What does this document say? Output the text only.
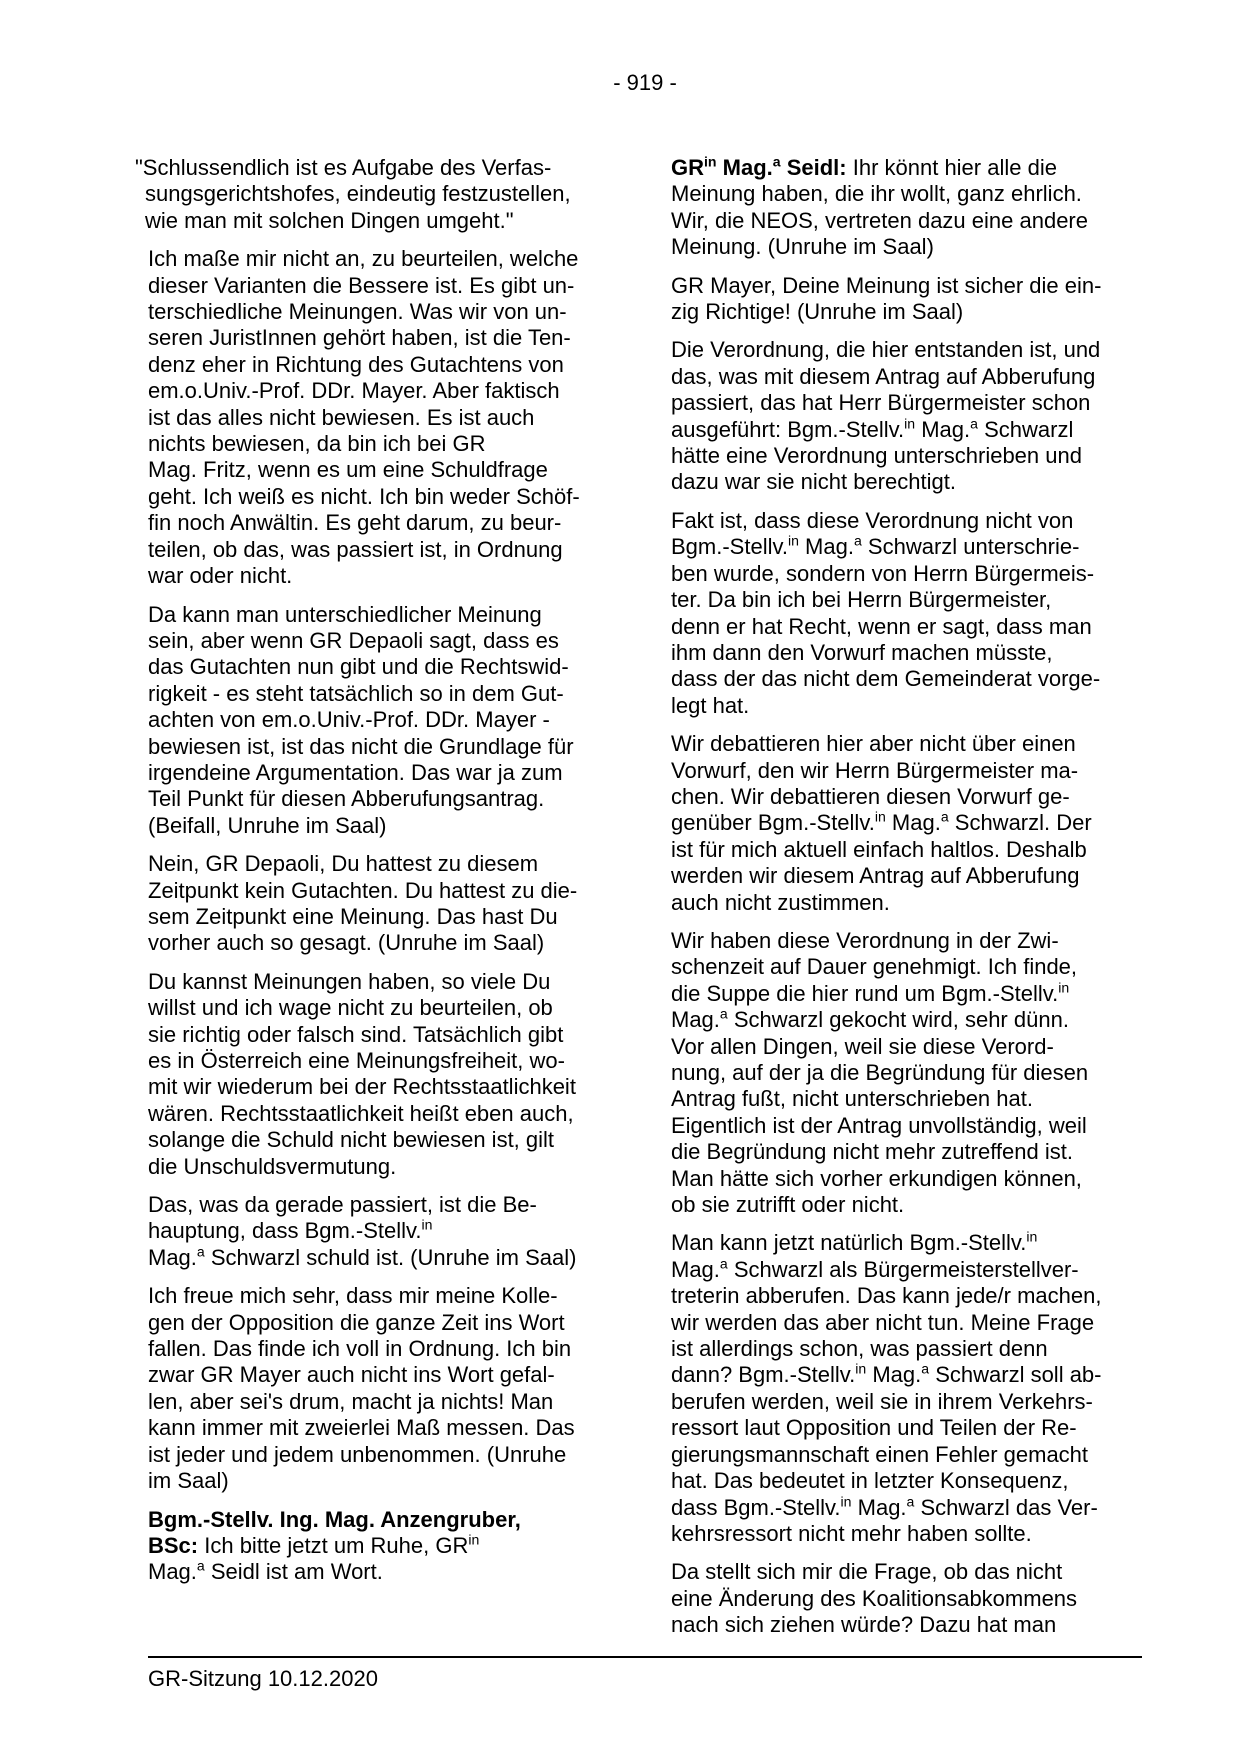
- 919 -

"Schlussendlich ist es Aufgabe des Verfas-
sungsgerichtshofes, eindeutig festzustellen,
wie man mit solchen Dingen umgeht."

Ich maße mir nicht an, zu beurteilen, welche
dieser Varianten die Bessere ist. Es gibt un-
terschiedliche Meinungen. Was wir von un-
seren JuristInnen gehört haben, ist die Ten-
denz eher in Richtung des Gutachtens von
em.o.Univ.-Prof. DDr. Mayer. Aber faktisch
ist das alles nicht bewiesen. Es ist auch
nichts bewiesen, da bin ich bei GR
Mag. Fritz, wenn es um eine Schuldfrage
geht. Ich weiß es nicht. Ich bin weder Schöf-
fin noch Anwältin. Es geht darum, zu beur-
teilen, ob das, was passiert ist, in Ordnung
war oder nicht.

Da kann man unterschiedlicher Meinung
sein, aber wenn GR Depaoli sagt, dass es
das Gutachten nun gibt und die Rechtswid-
rigkeit - es steht tatsächlich so in dem Gut-
achten von em.o.Univ.-Prof. DDr. Mayer -
bewiesen ist, ist das nicht die Grundlage für
irgendeine Argumentation. Das war ja zum
Teil Punkt für diesen Abberufungsantrag.
(Beifall, Unruhe im Saal)

Nein, GR Depaoli, Du hattest zu diesem
Zeitpunkt kein Gutachten. Du hattest zu die-
sem Zeitpunkt eine Meinung. Das hast Du
vorher auch so gesagt. (Unruhe im Saal)

Du kannst Meinungen haben, so viele Du
willst und ich wage nicht zu beurteilen, ob
sie richtig oder falsch sind. Tatsächlich gibt
es in Österreich eine Meinungsfreiheit, wo-
mit wir wiederum bei der Rechtsstaatlichkeit
wären. Rechtsstaatlichkeit heißt eben auch,
solange die Schuld nicht bewiesen ist, gilt
die Unschuldsvermutung.

Das, was da gerade passiert, ist die Be-
hauptung, dass Bgm.-Stellv.$^{in}$
Mag.$^a$ Schwarzl schuld ist. (Unruhe im Saal)

Ich freue mich sehr, dass mir meine Kolle-
gen der Opposition die ganze Zeit ins Wort
fallen. Das finde ich voll in Ordnung. Ich bin
zwar GR Mayer auch nicht ins Wort gefal-
len, aber sei's drum, macht ja nichts! Man
kann immer mit zweierlei Maß messen. Das
ist jeder und jedem unbenommen. (Unruhe
im Saal)

Bgm.-Stellv. Ing. Mag. Anzengruber,
BSc: Ich bitte jetzt um Ruhe, $GR^{in}$
Mag.$^a$ Seidl ist am Wort.

$GR^{in}$ Mag.$^a$ Seidl: Ihr könnt hier alle die
Meinung haben, die ihr wollt, ganz ehrlich.
Wir, die NEOS, vertreten dazu eine andere
Meinung. (Unruhe im Saal)

GR Mayer, Deine Meinung ist sicher die ein-
zig Richtige! (Unruhe im Saal)

Die Verordnung, die hier entstanden ist, und
das, was mit diesem Antrag auf Abberufung
passiert, das hat Herr Bürgermeister schon
ausgeführt: Bgm.-Stellv.$^{in}$ Mag.$^a$ Schwarzl
hätte eine Verordnung unterschrieben und
dazu war sie nicht berechtigt.

Fakt ist, dass diese Verordnung nicht von
Bgm.-Stellv.$^{in}$ Mag.$^a$ Schwarzl unterschrie-
ben wurde, sondern von Herrn Bürgermeis-
ter. Da bin ich bei Herrn Bürgermeister,
denn er hat Recht, wenn er sagt, dass man
ihm dann den Vorwurf machen müsste,
dass der das nicht dem Gemeinderat vorge-
legt hat.

Wir debattieren hier aber nicht über einen
Vorwurf, den wir Herrn Bürgermeister ma-
chen. Wir debattieren diesen Vorwurf ge-
genüber Bgm.-Stellv.$^{in}$ Mag.$^a$ Schwarzl. Der
ist für mich aktuell einfach haltlos. Deshalb
werden wir diesem Antrag auf Abberufung
auch nicht zustimmen.

Wir haben diese Verordnung in der Zwi-
schenzeit auf Dauer genehmigt. Ich finde,
die Suppe die hier rund um Bgm.-Stellv.$^{in}$
Mag.$^a$ Schwarzl gekocht wird, sehr dünn.
Vor allen Dingen, weil sie diese Verord-
nung, auf der ja die Begründung für diesen
Antrag fußt, nicht unterschrieben hat.
Eigentlich ist der Antrag unvollständig, weil
die Begründung nicht mehr zutreffend ist.
Man hätte sich vorher erkundigen können,
ob sie zutrifft oder nicht.

Man kann jetzt natürlich Bgm.-Stellv.$^{in}$
Mag.$^a$ Schwarzl als Bürgermeisterstellver-
treterin abberufen. Das kann jede/r machen,
wir werden das aber nicht tun. Meine Frage
ist allerdings schon, was passiert denn
dann? Bgm.-Stellv.$^{in}$ Mag.$^a$ Schwarzl soll ab-
berufen werden, weil sie in ihrem Verkehrs-
ressort laut Opposition und Teilen der Re-
gierungsmannschaft einen Fehler gemacht
hat. Das bedeutet in letzter Konsequenz,
dass Bgm.-Stellv.$^{in}$ Mag.$^a$ Schwarzl das Ver-
kehrsressort nicht mehr haben sollte.

Da stellt sich mir die Frage, ob das nicht
eine Änderung des Koalitionsabkommens
nach sich ziehen würde? Dazu hat man

GR-Sitzung 10.12.2020
